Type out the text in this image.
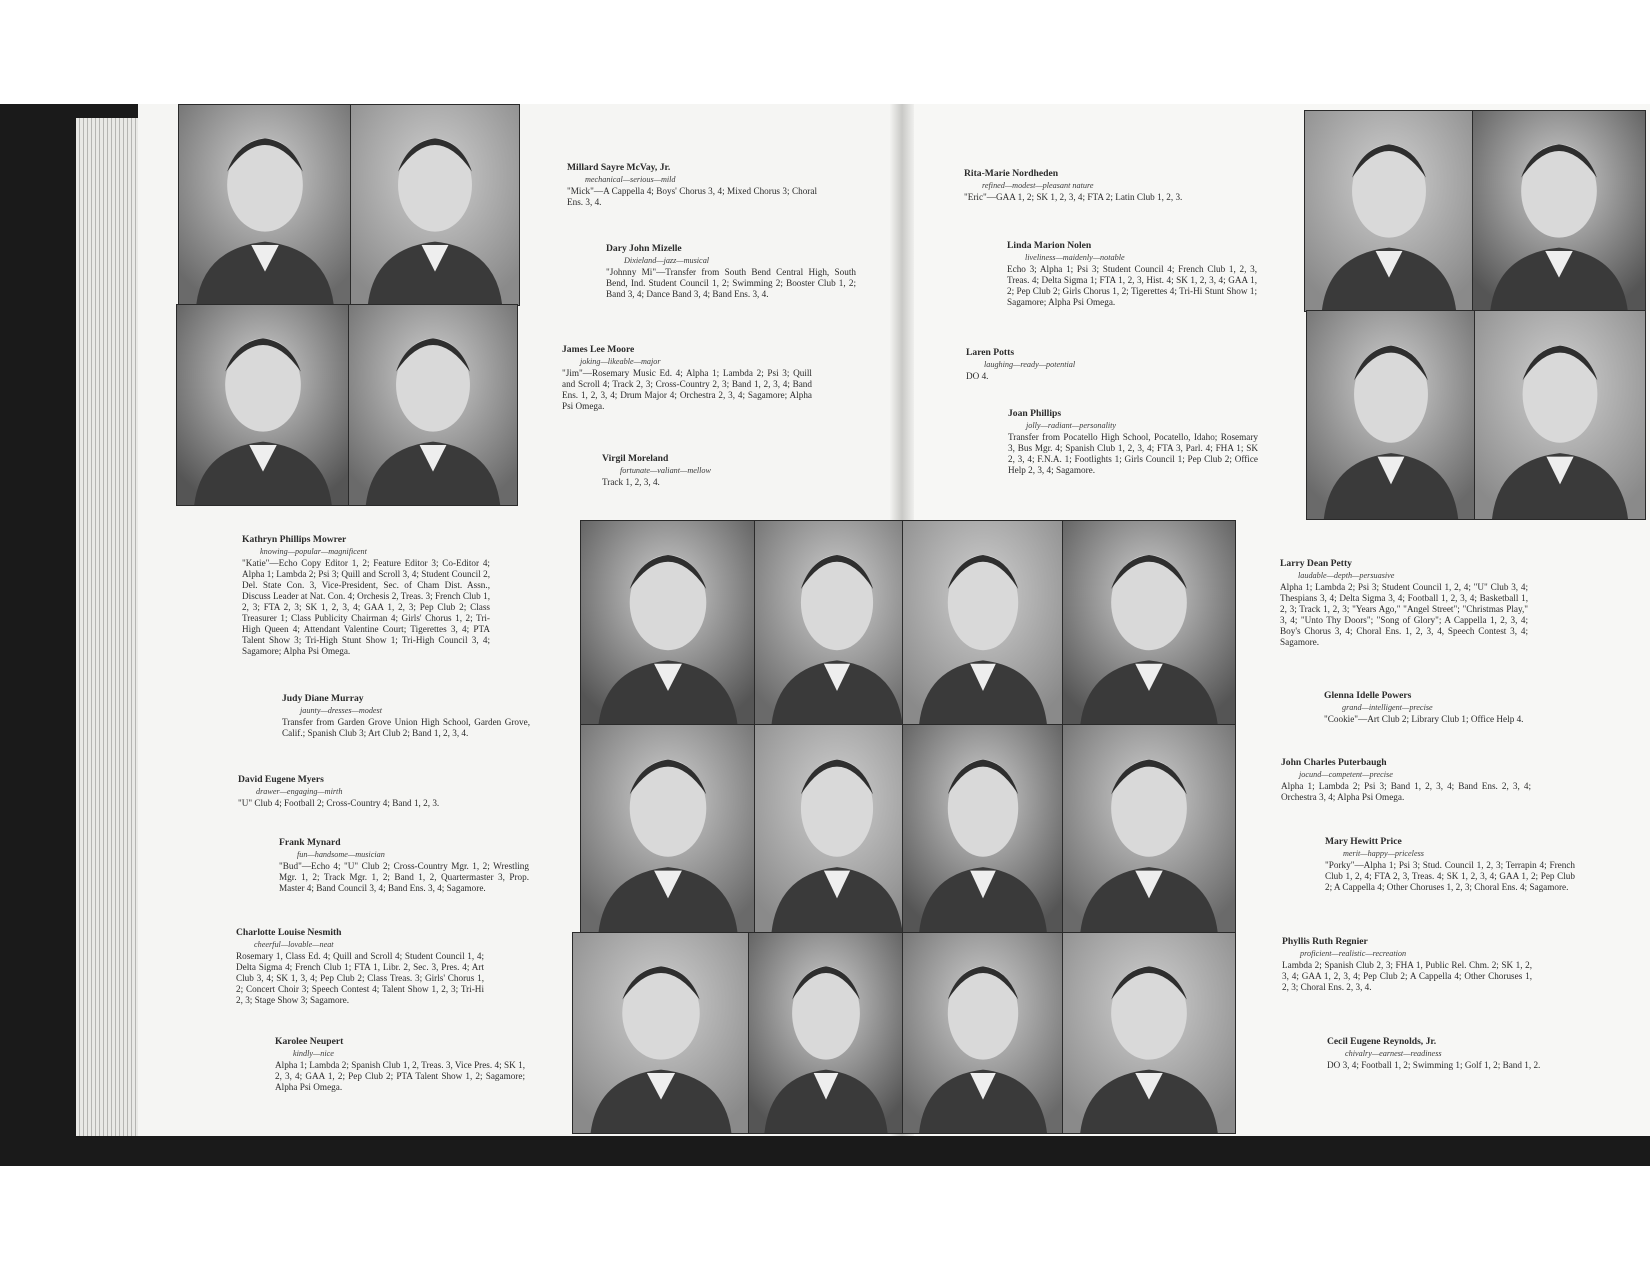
Millard Sayre McVay, Jr.
mechanical—serious—mild
"Mick"—A Cappella 4; Boys' Chorus 3, 4; Mixed Chorus 3; Choral Ens. 3, 4.
Dary John Mizelle
Dixieland—jazz—musical
"Johnny Mi"—Transfer from South Bend Central High, South Bend, Ind. Student Council 1, 2; Swimming 2; Booster Club 1, 2; Band 3, 4; Dance Band 3, 4; Band Ens. 3, 4.
James Lee Moore
joking—likeable—major
"Jim"—Rosemary Music Ed. 4; Alpha 1; Lambda 2; Psi 3; Quill and Scroll 4; Track 2, 3; Cross-Country 2, 3; Band 1, 2, 3, 4; Band Ens. 1, 2, 3, 4; Drum Major 4; Orchestra 2, 3, 4; Sagamore; Alpha Psi Omega.
Virgil Moreland
fortunate—valiant—mellow
Track 1, 2, 3, 4.
Kathryn Phillips Mowrer
knowing—popular—magnificent
"Katie"—Echo Copy Editor 1, 2; Feature Editor 3; Co-Editor 4; Alpha 1; Lambda 2; Psi 3; Quill and Scroll 3, 4; Student Council 2, Del. State Con. 3, Vice-President, Sec. of Cham Dist. Assn., Discuss Leader at Nat. Con. 4; Orchesis 2, Treas. 3; French Club 1, 2, 3; FTA 2, 3; SK 1, 2, 3, 4; GAA 1, 2, 3; Pep Club 2; Class Treasurer 1; Class Publicity Chairman 4; Girls' Chorus 1, 2; Tri-High Queen 4; Attendant Valentine Court; Tigerettes 3, 4; PTA Talent Show 3; Tri-High Stunt Show 1; Tri-High Council 3, 4; Sagamore; Alpha Psi Omega.
Judy Diane Murray
jaunty—dresses—modest
Transfer from Garden Grove Union High School, Garden Grove, Calif.; Spanish Club 3; Art Club 2; Band 1, 2, 3, 4.
David Eugene Myers
drawer—engaging—mirth
"U" Club 4; Football 2; Cross-Country 4; Band 1, 2, 3.
Frank Mynard
fun—handsome—musician
"Bud"—Echo 4; "U" Club 2; Cross-Country Mgr. 1, 2; Wrestling Mgr. 1, 2; Track Mgr. 1, 2; Band 1, 2, Quartermaster 3, Prop. Master 4; Band Council 3, 4; Band Ens. 3, 4; Sagamore.
Charlotte Louise Nesmith
cheerful—lovable—neat
Rosemary 1, Class Ed. 4; Quill and Scroll 4; Student Council 1, 4; Delta Sigma 4; French Club 1; FTA 1, Libr. 2, Sec. 3, Pres. 4; Art Club 3, 4; SK 1, 3, 4; Pep Club 2; Class Treas. 3; Girls' Chorus 1, 2; Concert Choir 3; Speech Contest 4; Talent Show 1, 2, 3; Tri-Hi 2, 3; Stage Show 3; Sagamore.
Karolee Neupert
kindly—nice
Alpha 1; Lambda 2; Spanish Club 1, 2, Treas. 3, Vice Pres. 4; SK 1, 2, 3, 4; GAA 1, 2; Pep Club 2; PTA Talent Show 1, 2; Sagamore; Alpha Psi Omega.
Rita-Marie Nordheden
refined—modest—pleasant nature
"Eric"—GAA 1, 2; SK 1, 2, 3, 4; FTA 2; Latin Club 1, 2, 3.
Linda Marion Nolen
liveliness—maidenly—notable
Echo 3; Alpha 1; Psi 3; Student Council 4; French Club 1, 2, 3, Treas. 4; Delta Sigma 1; FTA 1, 2, 3, Hist. 4; SK 1, 2, 3, 4; GAA 1, 2; Pep Club 2; Girls Chorus 1, 2; Tigerettes 4; Tri-Hi Stunt Show 1; Sagamore; Alpha Psi Omega.
Laren Potts
laughing—ready—potential
DO 4.
Joan Phillips
jolly—radiant—personality
Transfer from Pocatello High School, Pocatello, Idaho; Rosemary 3, Bus Mgr. 4; Spanish Club 1, 2, 3, 4; FTA 3, Parl. 4; FHA 1; SK 2, 3, 4; F.N.A. 1; Footlights 1; Girls Council 1; Pep Club 2; Office Help 2, 3, 4; Sagamore.
Larry Dean Petty
laudable—depth—persuasive
Alpha 1; Lambda 2; Psi 3; Student Council 1, 2, 4; "U" Club 3, 4; Thespians 3, 4; Delta Sigma 3, 4; Football 1, 2, 3, 4; Basketball 1, 2, 3; Track 1, 2, 3; "Years Ago," "Angel Street"; "Christmas Play," 3, 4; "Unto Thy Doors"; "Song of Glory"; A Cappella 1, 2, 3, 4; Boy's Chorus 3, 4; Choral Ens. 1, 2, 3, 4, Speech Contest 3, 4; Sagamore.
Glenna Idelle Powers
grand—intelligent—precise
"Cookie"—Art Club 2; Library Club 1; Office Help 4.
John Charles Puterbaugh
jocund—competent—precise
Alpha 1; Lambda 2; Psi 3; Band 1, 2, 3, 4; Band Ens. 2, 3, 4; Orchestra 3, 4; Alpha Psi Omega.
Mary Hewitt Price
merit—happy—priceless
"Porky"—Alpha 1; Psi 3; Stud. Council 1, 2, 3; Terrapin 4; French Club 1, 2, 4; FTA 2, 3, Treas. 4; SK 1, 2, 3, 4; GAA 1, 2; Pep Club 2; A Cappella 4; Other Choruses 1, 2, 3; Choral Ens. 4; Sagamore.
Phyllis Ruth Regnier
proficient—realistic—recreation
Lambda 2; Spanish Club 2, 3; FHA 1, Public Rel. Chm. 2; SK 1, 2, 3, 4; GAA 1, 2, 3, 4; Pep Club 2; A Cappella 4; Other Choruses 1, 2, 3; Choral Ens. 2, 3, 4.
Cecil Eugene Reynolds, Jr.
chivalry—earnest—readiness
DO 3, 4; Football 1, 2; Swimming 1; Golf 1, 2; Band 1, 2.
